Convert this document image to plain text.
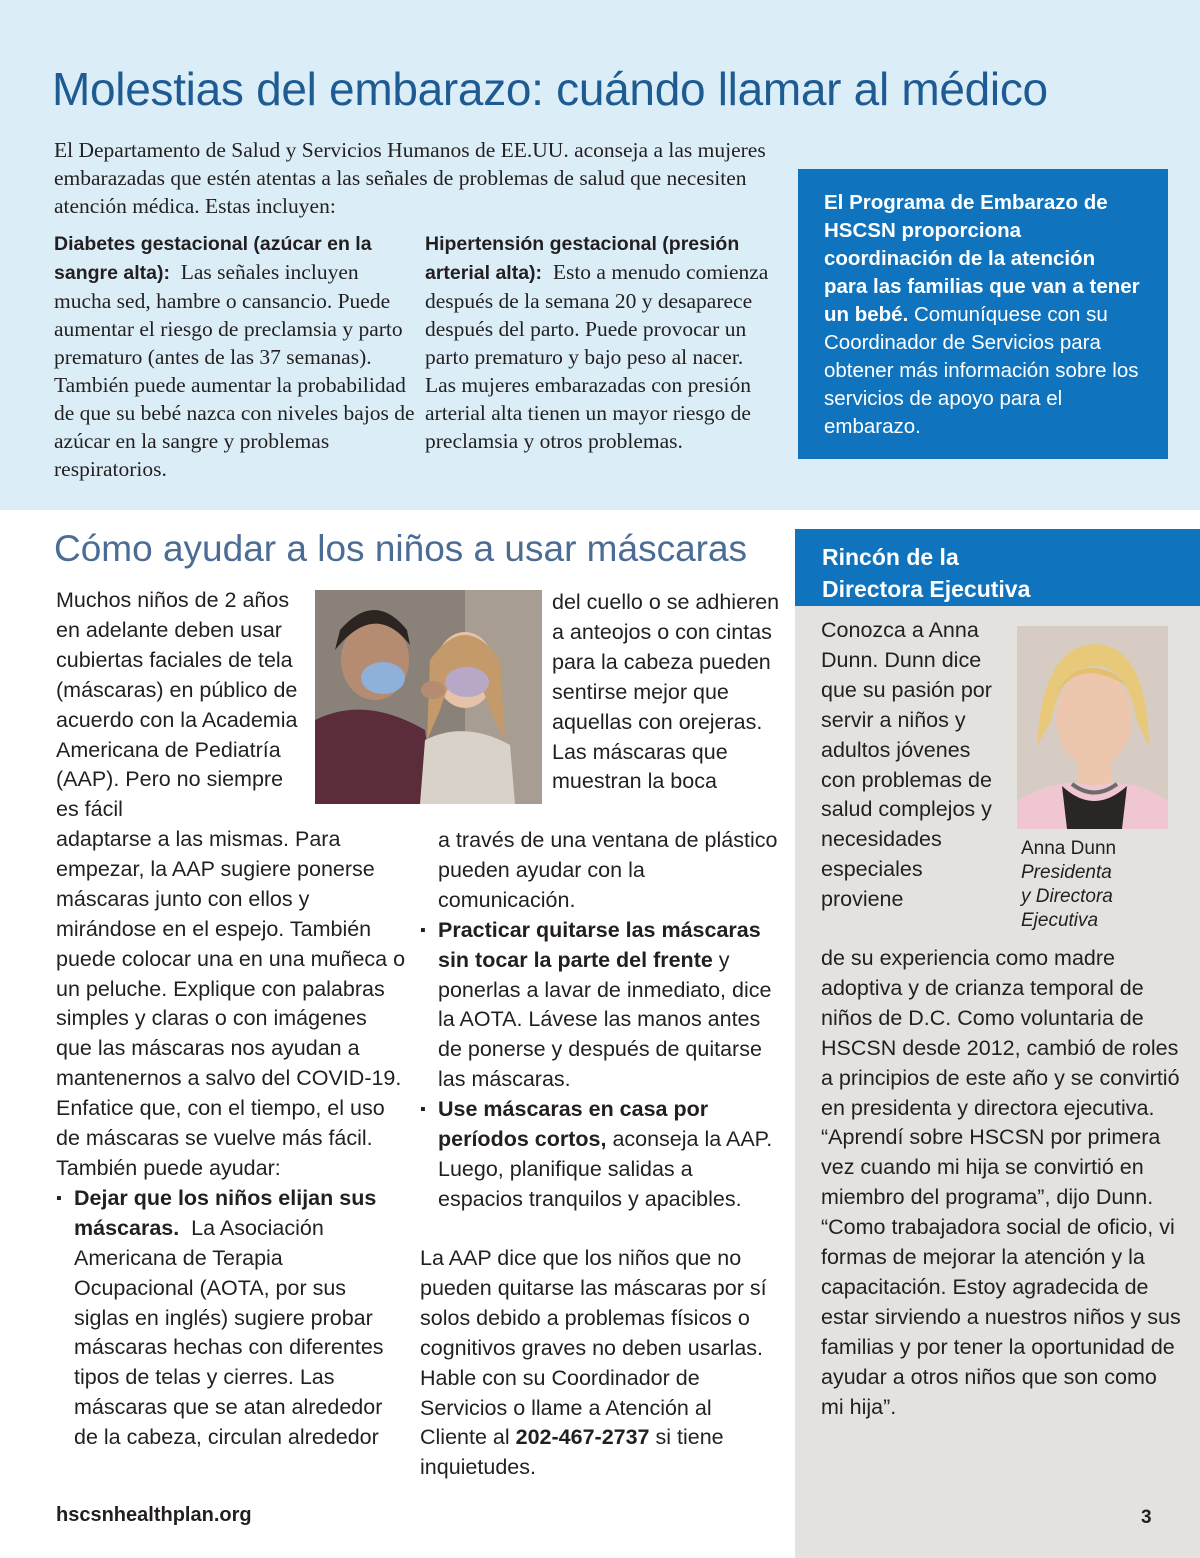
Molestias del embarazo: cuándo llamar al médico

El Departamento de Salud y Servicios Humanos de EE.UU. aconseja a las mujeres embarazadas que estén atentas a las señales de problemas de salud que necesiten atención médica. Estas incluyen:

Diabetes gestacional (azúcar en la sangre alta): Las señales incluyen mucha sed, hambre o cansancio. Puede aumentar el riesgo de preclamsia y parto prematuro (antes de las 37 semanas). También puede aumentar la probabilidad de que su bebé nazca con niveles bajos de azúcar en la sangre y problemas respiratorios.
Hipertensión gestacional (presión arterial alta): Esto a menudo comienza después de la semana 20 y desaparece después del parto. Puede provocar un parto prematuro y bajo peso al nacer. Las mujeres embarazadas con presión arterial alta tienen un mayor riesgo de preclamsia y otros problemas.
El Programa de Embarazo de HSCSN proporciona coordinación de la atención para las familias que van a tener un bebé. Comuníquese con su Coordinador de Servicios para obtener más información sobre los servicios de apoyo para el embarazo.
Cómo ayudar a los niños a usar máscaras

Muchos niños de 2 años en adelante deben usar cubiertas faciales de tela (máscaras) en público de acuerdo con la Academia Americana de Pediatría (AAP). Pero no siempre es fácil

adaptarse a las mismas. Para empezar, la AAP sugiere ponerse máscaras junto con ellos y mirándose en el espejo. También puede colocar una en una muñeca o un peluche. Explique con palabras simples y claras o con imágenes que las máscaras nos ayudan a mantenernos a salvo del COVID-19. Enfatice que, con el tiempo, el uso de máscaras se vuelve más fácil. También puede ayudar:

▪ Dejar que los niños elijan sus máscaras. La Asociación Americana de Terapia Ocupacional (AOTA, por sus siglas en inglés) sugiere probar máscaras hechas con diferentes tipos de telas y cierres. Las máscaras que se atan alrededor de la cabeza, circulan alrededor

del cuello o se adhieren a anteojos o con cintas para la cabeza pueden sentirse mejor que aquellas con orejeras. Las máscaras que muestran la boca

a través de una ventana de plástico pueden ayudar con la comunicación.

▪ Practicar quitarse las máscaras sin tocar la parte del frente y ponerlas a lavar de inmediato, dice la AOTA. Lávese las manos antes de ponerse y después de quitarse las máscaras.

▪ Use máscaras en casa por períodos cortos, aconseja la AAP. Luego, planifique salidas a espacios tranquilos y apacibles.

La AAP dice que los niños que no pueden quitarse las máscaras por sí solos debido a problemas físicos o cognitivos graves no deben usarlas. Hable con su Coordinador de Servicios o llame a Atención al Cliente al 202-467-2737 si tiene inquietudes.

Rincón de la
Directora Ejecutiva

Conozca a Anna Dunn. Dunn dice que su pasión por servir a niños y adultos jóvenes con problemas de salud complejos y necesidades especiales proviene

Anna Dunn
Presidenta
y Directora
Ejecutiva

de su experiencia como madre adoptiva y de crianza temporal de niños de D.C. Como voluntaria de HSCSN desde 2012, cambió de roles a principios de este año y se convirtió en presidenta y directora ejecutiva. “Aprendí sobre HSCSN por primera vez cuando mi hija se convirtió en miembro del programa”, dijo Dunn. “Como trabajadora social de oficio, vi formas de mejorar la atención y la capacitación. Estoy agradecida de estar sirviendo a nuestros niños y sus familias y por tener la oportunidad de ayudar a otros niños que son como mi hija”.

hscsnhealthplan.org	3
